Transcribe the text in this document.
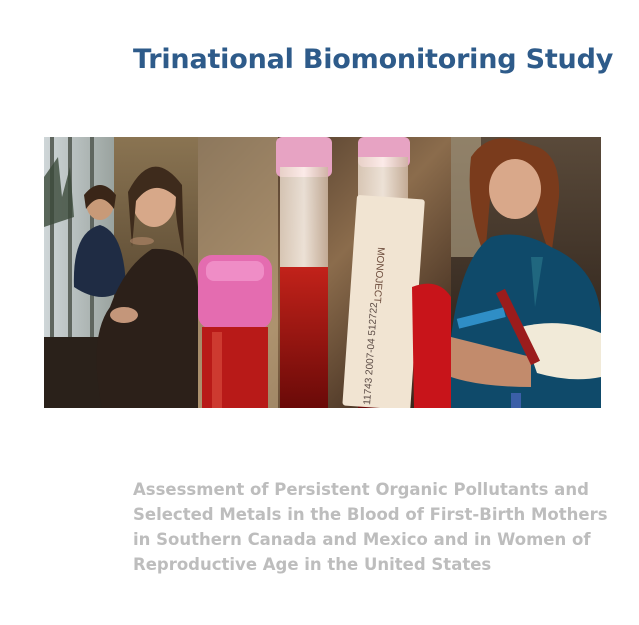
Trinational Biomonitoring Study
MONOJECT
11743 2007-04 512722
Assessment of Persistent Organic Pollutants and
Selected Metals in the Blood of First-Birth Mothers
in Southern Canada and Mexico and in Women of
Reproductive Age in the United States
